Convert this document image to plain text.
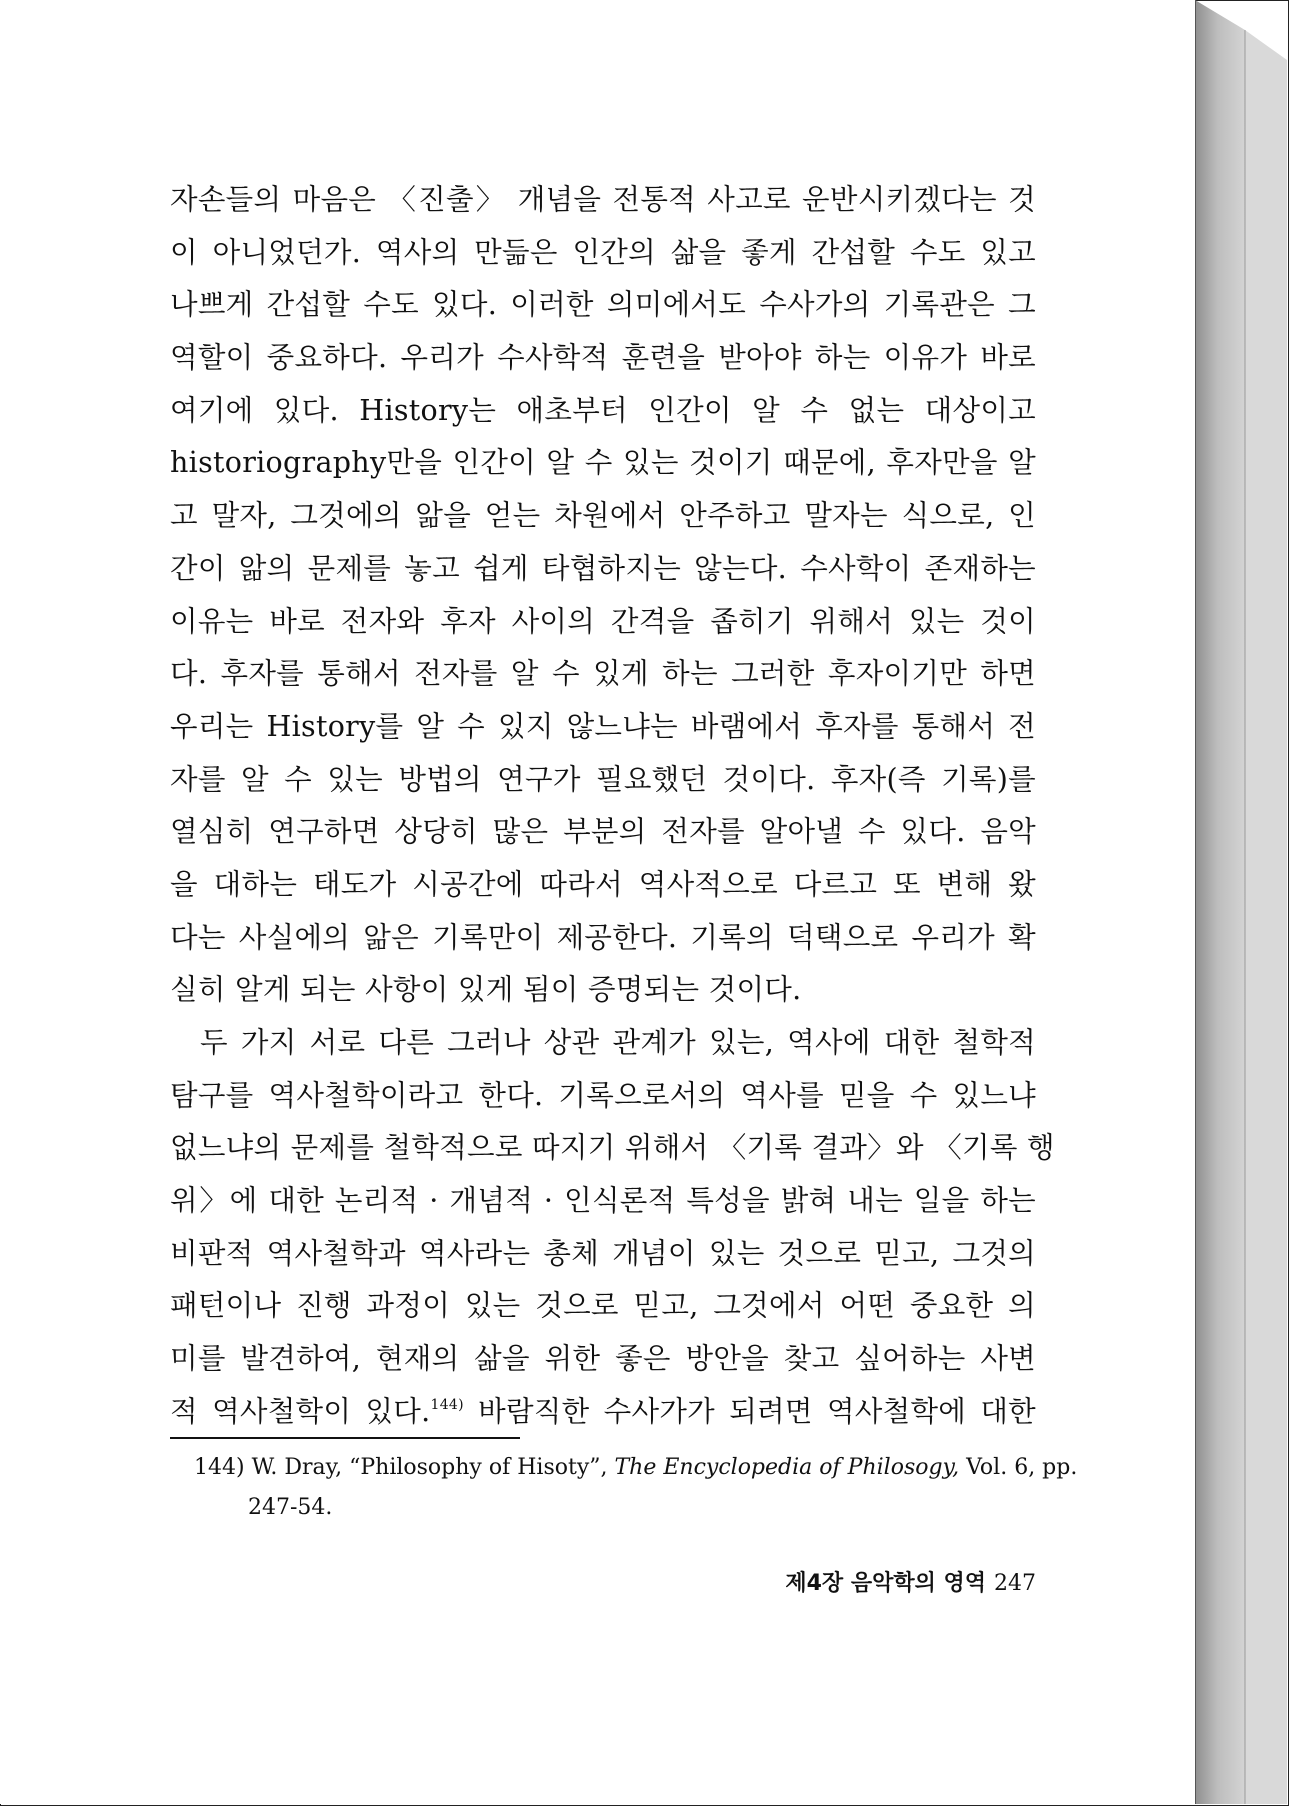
자손들의 마음은 〈진출〉 개념을 전통적 사고로 운반시키겠다는 것
이 아니었던가. 역사의 만듦은 인간의 삶을 좋게 간섭할 수도 있고
나쁘게 간섭할 수도 있다. 이러한 의미에서도 수사가의 기록관은 그
역할이 중요하다. 우리가 수사학적 훈련을 받아야 하는 이유가 바로
여기에 있다. History는 애초부터 인간이 알 수 없는 대상이고
historiography만을 인간이 알 수 있는 것이기 때문에, 후자만을 알
고 말자, 그것에의 앎을 얻는 차원에서 안주하고 말자는 식으로, 인
간이 앎의 문제를 놓고 쉽게 타협하지는 않는다. 수사학이 존재하는
이유는 바로 전자와 후자 사이의 간격을 좁히기 위해서 있는 것이
다. 후자를 통해서 전자를 알 수 있게 하는 그러한 후자이기만 하면
우리는 History를 알 수 있지 않느냐는 바램에서 후자를 통해서 전
자를 알 수 있는 방법의 연구가 필요했던 것이다. 후자(즉 기록)를
열심히 연구하면 상당히 많은 부분의 전자를 알아낼 수 있다. 음악
을 대하는 태도가 시공간에 따라서 역사적으로 다르고 또 변해 왔
다는 사실에의 앎은 기록만이 제공한다. 기록의 덕택으로 우리가 확
실히 알게 되는 사항이 있게 됨이 증명되는 것이다.
두 가지 서로 다른 그러나 상관 관계가 있는, 역사에 대한 철학적
탐구를 역사철학이라고 한다. 기록으로서의 역사를 믿을 수 있느냐
없느냐의 문제를 철학적으로 따지기 위해서 〈기록 결과〉와 〈기록 행
위〉에 대한 논리적 · 개념적 · 인식론적 특성을 밝혀 내는 일을 하는
비판적 역사철학과 역사라는 총체 개념이 있는 것으로 믿고, 그것의
패턴이나 진행 과정이 있는 것으로 믿고, 그것에서 어떤 중요한 의
미를 발견하여, 현재의 삶을 위한 좋은 방안을 찾고 싶어하는 사변
적 역사철학이 있다.$^{144)}$ 바람직한 수사가가 되려면 역사철학에 대한
144) W. Dray, “Philosophy of Hisoty”, The Encyclopedia of Philosogy, Vol. 6, pp.
247-54.
제4장 음악학의 영역 247
